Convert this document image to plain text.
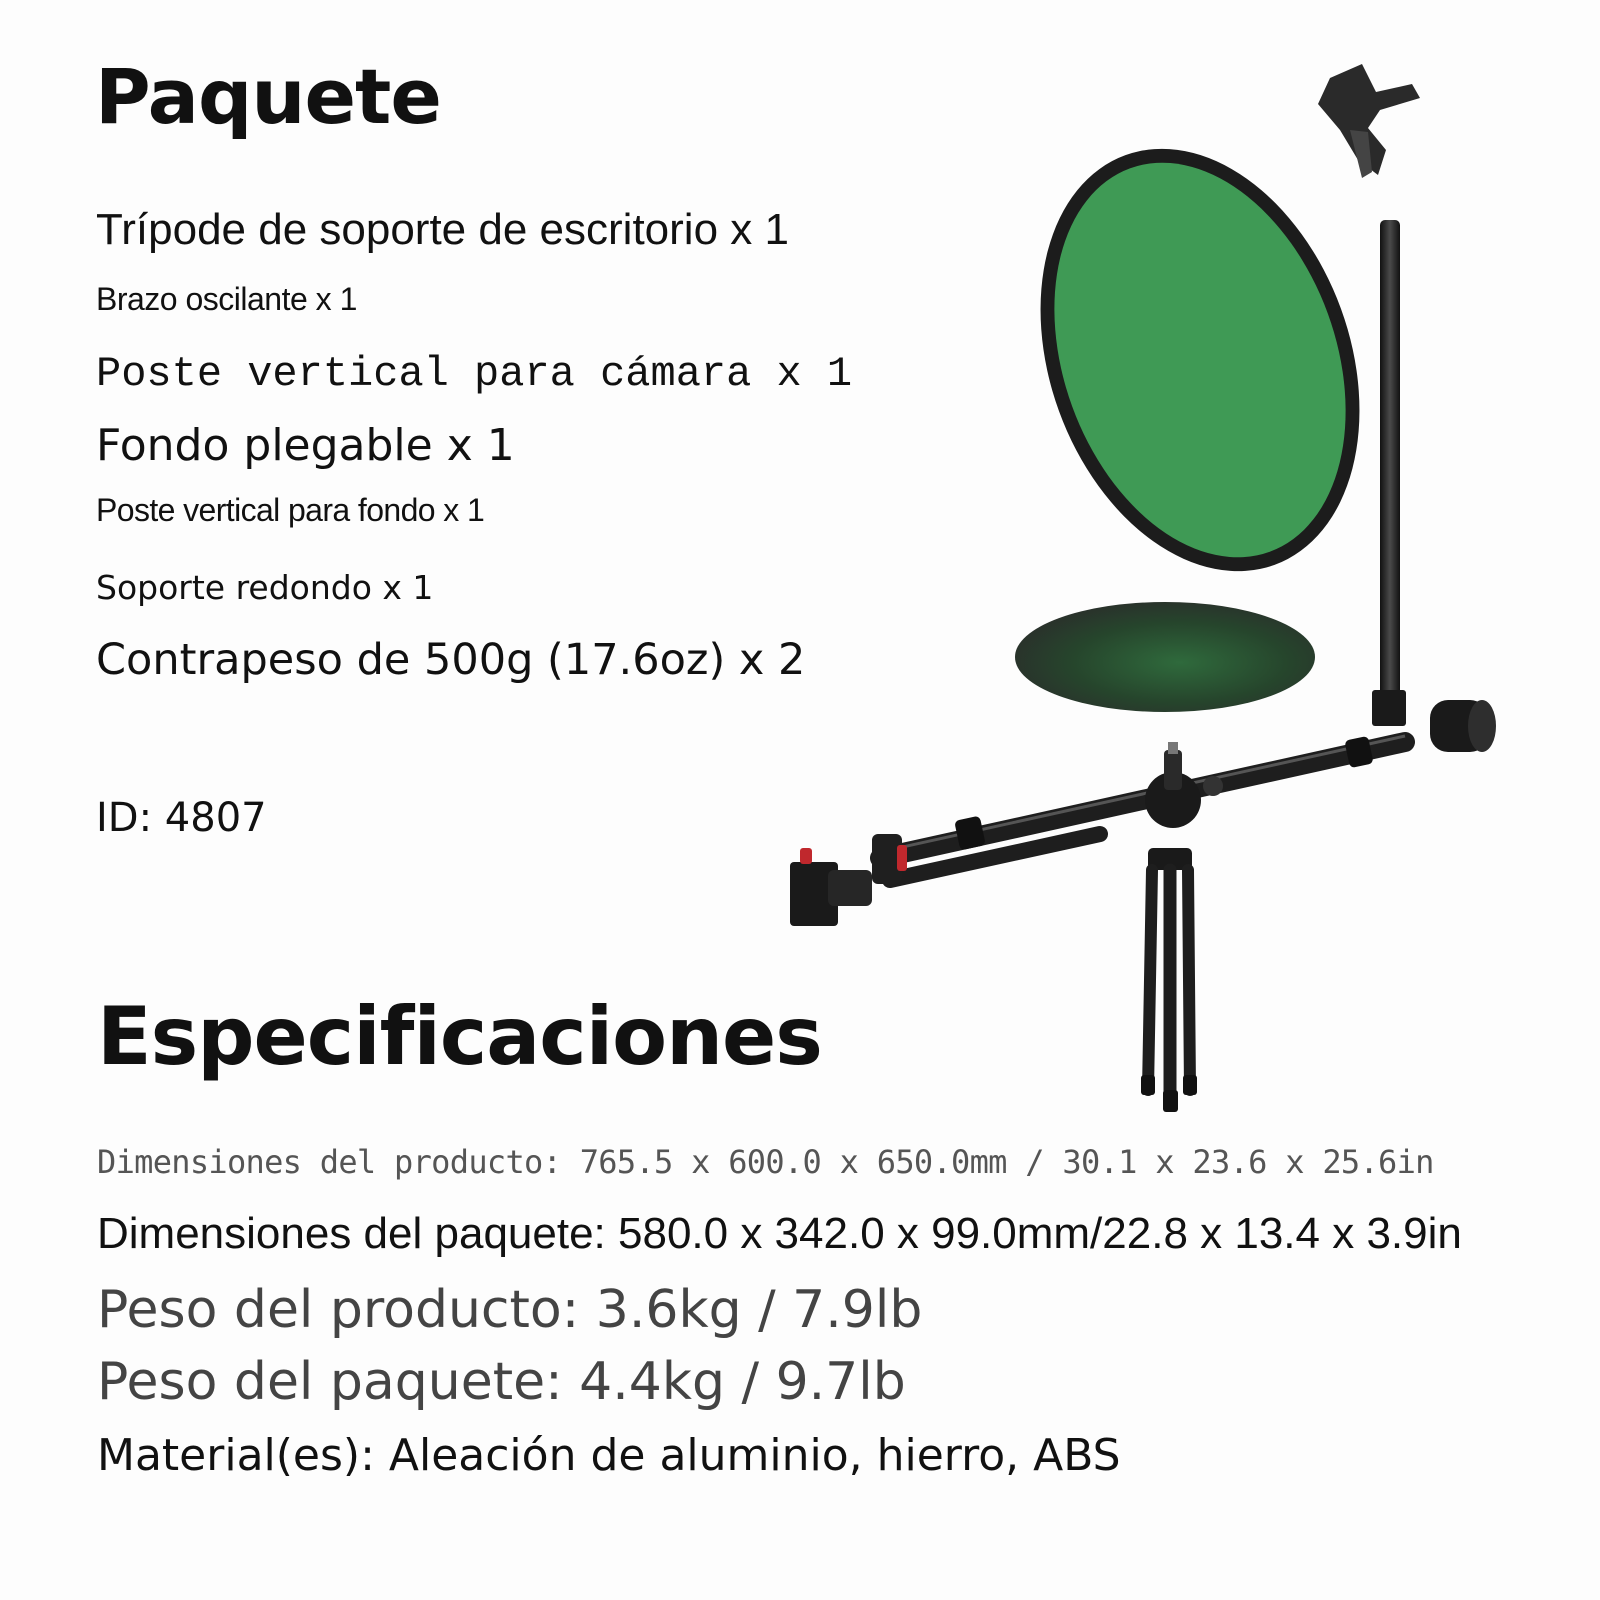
Paquete
Trípode de soporte de escritorio x 1
Brazo oscilante x 1
Poste vertical para cámara x 1
Fondo plegable x 1
Poste vertical para fondo x 1
Soporte redondo x 1
Contrapeso de 500g (17.6oz) x 2
ID: 4807
Especificaciones
Dimensiones del producto: 765.5 x 600.0 x 650.0mm / 30.1 x 23.6 x 25.6in
Dimensiones del paquete: 580.0 x 342.0 x 99.0mm/22.8 x 13.4 x 3.9in
Peso del producto: 3.6kg / 7.9lb
Peso del paquete: 4.4kg / 9.7lb
Material(es): Aleación de aluminio, hierro, ABS
